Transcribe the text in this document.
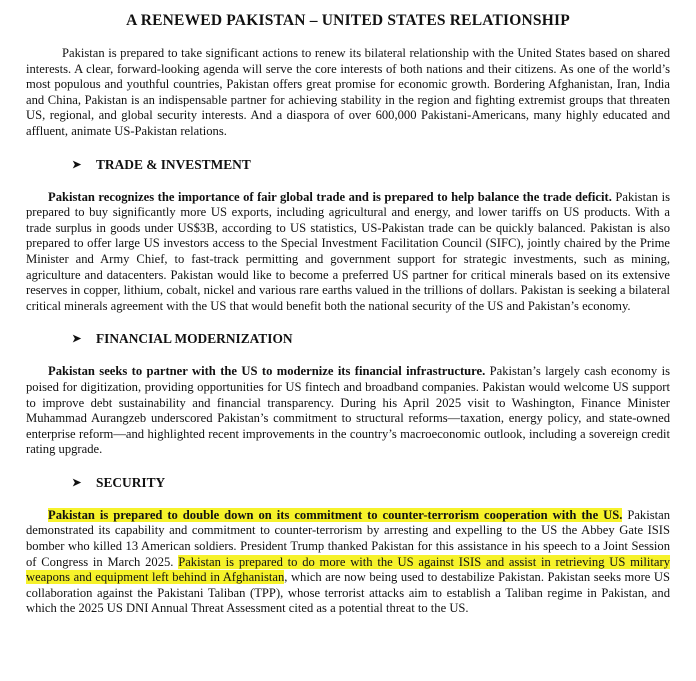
A RENEWED PAKISTAN – UNITED STATES RELATIONSHIP

Pakistan is prepared to take significant actions to renew its bilateral relationship with the United States based on shared interests. A clear, forward-looking agenda will serve the core interests of both nations and their citizens. As one of the world’s most populous and youthful countries, Pakistan offers great promise for economic growth. Bordering Afghanistan, Iran, India and China, Pakistan is an indispensable partner for achieving stability in the region and fighting extremist groups that threaten US, regional, and global security interests. And a diaspora of over 600,000 Pakistani-Americans, many highly educated and affluent, animate US-Pakistan relations.

➤	TRADE & INVESTMENT

Pakistan recognizes the importance of fair global trade and is prepared to help balance the trade deficit. Pakistan is prepared to buy significantly more US exports, including agricultural and energy, and lower tariffs on US products. With a trade surplus in goods under US$3B, according to US statistics, US-Pakistan trade can be quickly balanced. Pakistan is also prepared to offer large US investors access to the Special Investment Facilitation Council (SIFC), jointly chaired by the Prime Minister and Army Chief, to fast-track permitting and government support for strategic investments, such as mining, agriculture and datacenters. Pakistan would like to become a preferred US partner for critical minerals based on its extensive reserves in copper, lithium, cobalt, nickel and various rare earths valued in the trillions of dollars. Pakistan is seeking a bilateral critical minerals agreement with the US that would benefit both the national security of the US and Pakistan’s economy.

➤	FINANCIAL MODERNIZATION

Pakistan seeks to partner with the US to modernize its financial infrastructure. Pakistan’s largely cash economy is poised for digitization, providing opportunities for US fintech and broadband companies. Pakistan would welcome US support to improve debt sustainability and financial transparency. During his April 2025 visit to Washington, Finance Minister Muhammad Aurangzeb underscored Pakistan’s commitment to structural reforms—taxation, energy policy, and state-owned enterprise reform—and highlighted recent improvements in the country’s macroeconomic outlook, including a sovereign credit rating upgrade.

➤	SECURITY

Pakistan is prepared to double down on its commitment to counter-terrorism cooperation with the US. Pakistan demonstrated its capability and commitment to counter-terrorism by arresting and expelling to the US the Abbey Gate ISIS bomber who killed 13 American soldiers. President Trump thanked Pakistan for this assistance in his speech to a Joint Session of Congress in March 2025. Pakistan is prepared to do more with the US against ISIS and assist in retrieving US military weapons and equipment left behind in Afghanistan, which are now being used to destabilize Pakistan. Pakistan seeks more US collaboration against the Pakistani Taliban (TPP), whose terrorist attacks aim to establish a Taliban regime in Pakistan, and which the 2025 US DNI Annual Threat Assessment cited as a potential threat to the US.
